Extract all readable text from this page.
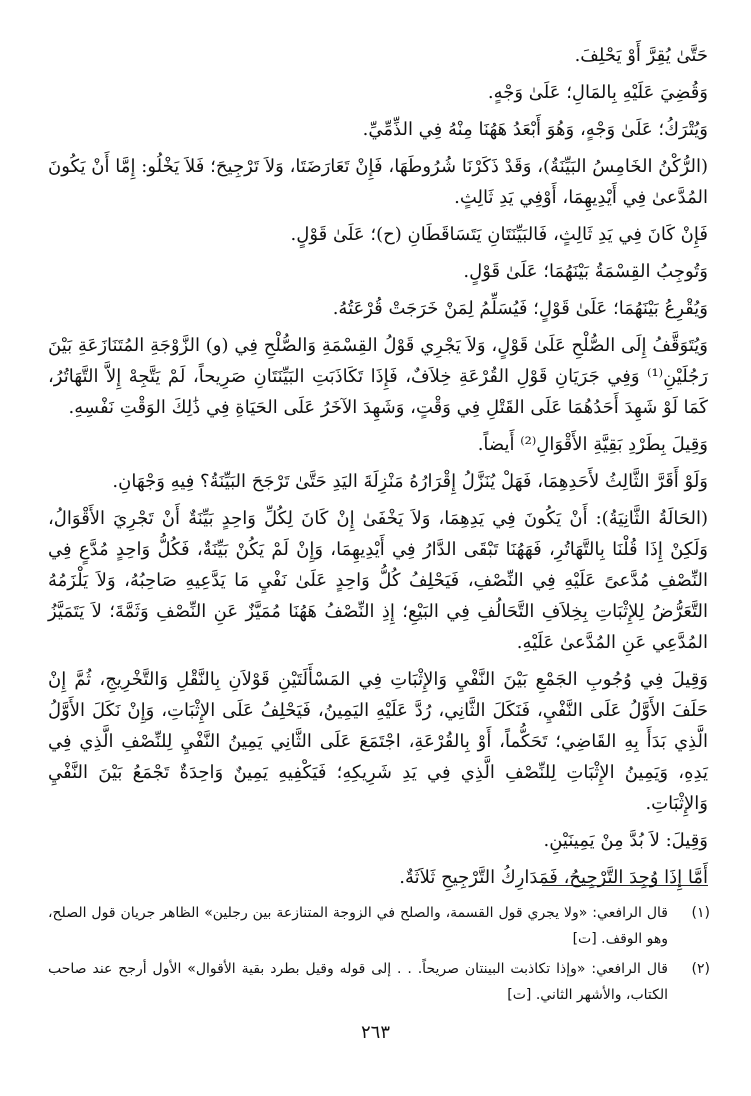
حَتَّىٰ يُقِرَّ أَوْ يَحْلِفَ.

وَقُضِيَ عَلَيْهِ بِالمَالِ؛ عَلَىٰ وَجْهٍ.

وَيُتْرَكُ؛ عَلَىٰ وَجْهٍ، وَهُوَ أَبْعَدُ هَهُنَا مِنْهُ فِي الذِّمِّيِّ.

(الرُّكْنُ الخَامِسُ البَيِّنَةُ)، وَقَدْ ذَكَرْنَا شُرُوطَهَا، فَإِنْ تَعَارَضَتَا، وَلاَ تَرْجِيحَ؛ فَلاَ يَخْلُو: إِمَّا أَنْ يَكُونَ المُدَّعىٰ فِي أَيْدِيهِمَا، أَوْفِي يَدِ ثَالِثٍ.

فَإِنْ كَانَ فِي يَدِ ثَالِثٍ، فَالبَيِّنَتَانِ يَتَسَاقَطَانِ (ح)؛ عَلَىٰ قَوْلٍ.

وَتُوجِبُ القِسْمَةُ بَيْنَهُمَا؛ عَلَىٰ قَوْلٍ.

وَيُقْرِعُ بَيْنَهُمَا؛ عَلَىٰ قَوْلٍ؛ فَيُسَلِّمُ لِمَنْ خَرَجَتْ قُرْعَتُهُ.

وَيُتَوَقَّفُ إِلَى الصُّلْحِ عَلَىٰ قَوْلٍ، وَلاَ يَجْرِي قَوْلُ القِسْمَةِ وَالصُّلْحِ فِي (و) الزَّوْجَةِ المُتَنَازَعَةِ بَيْنَ رَجُلَيْنِ⁽¹⁾ وَفِي جَرَيَانِ قَوْلِ القُرْعَةِ خِلاَفٌ، فَإِذَا تَكَاذَبَتِ البَيِّنَتَانِ صَرِيحاً، لَمْ يَتَّجِهْ إِلاَّ التَّهَاتُرُ، كَمَا لَوْ شَهِدَ أَحَدُهُمَا عَلَى القَتْلِ فِي وَقْتٍ، وَشَهِدَ الآخَرُ عَلَى الحَيَاةِ فِي ذَٰلِكَ الوَقْتِ نَفْسِهِ.

وَقِيلَ بِطَرْدِ بَقِيَّةِ الأَقْوَالِ⁽²⁾ أَيضاً.

وَلَوْ أَقَرَّ الثَّالِثُ لأَحَدِهِمَا، فَهَلْ يُنَزَّلُ إِقْرَارُهُ مَنْزِلَةَ اليَدِ حَتَّىٰ تَرْجَحَ البَيِّنَةُ؟ فِيهِ وَجْهَانِ.

(الحَالَةُ الثَّانِيَةُ): أَنْ يَكُونَ فِي يَدِهِمَا، وَلاَ يَخْفَىٰ إِنْ كَانَ لِكُلِّ وَاحِدٍ بَيِّنَةٌ أَنْ تَجْرِيَ الأَقْوَالُ، وَلَكِنْ إِذَا قُلْنَا بِالتَّهَاتُرِ، فَهَهُنَا تَبْقَى الدَّارُ فِي أَيْدِيهِمَا، وَإِنْ لَمْ يَكُنْ بَيِّنَةٌ، فَكُلُّ وَاحِدٍ مُدَّعٍ فِي النِّصْفِ مُدَّعىً عَلَيْهِ فِي النِّصْفِ، فَيَحْلِفُ كُلُّ وَاحِدٍ عَلَىٰ نَفْيِ مَا يَدَّعِيهِ صَاحِبُهُ، وَلاَ يَلْزَمُهُ التَّعَرُّضُ لِلإِثْبَاتِ بِخِلاَفِ التَّحَالُفِ فِي البَيْعِ؛ إِذِ النِّصْفُ هَهُنَا مُمَيَّزٌ عَنِ النِّصْفِ وَثَمَّةَ؛ لاَ يَتَمَيَّزُ المُدَّعِي عَنِ المُدَّعىٰ عَلَيْهِ.

وَقِيلَ فِي وُجُوبِ الجَمْعِ بَيْنَ النَّفْيِ وَالإِثْبَاتِ فِي المَسْأَلَتَيْنِ قَوْلاَنِ بِالنَّقْلِ وَالتَّخْرِيجِ، ثُمَّ إِنْ حَلَفَ الأَوَّلُ عَلَى النَّفْيِ، فَنَكَلَ الثَّانِي، رُدَّ عَلَيْهِ اليَمِينُ، فَيَحْلِفُ عَلَى الإِثْبَاتِ، وَإِنْ نَكَلَ الأَوَّلُ الَّذِي بَدَأَ بِهِ القَاضِي؛ تَحَكُّماً، أَوْ بِالقُرْعَةِ، اجْتَمَعَ عَلَى الثَّانِي يَمِينُ النَّفْيِ لِلنِّصْفِ الَّذِي فِي يَدِهِ، وَيَمِينُ الإِثْبَاتِ لِلنِّصْفِ الَّذِي فِي يَدِ شَرِيكِهِ؛ فَيَكْفِيهِ يَمِينٌ وَاحِدَةٌ تَجْمَعُ بَيْنَ النَّفْيِ وَالإِثْبَاتِ.

وَقِيلَ: لاَ بُدَّ مِنْ يَمِينَيْنِ.

أَمَّا إِذَا وُجِدَ التَّرْجِيحُ، فَمَدَارِكُ التَّرْجِيحِ ثَلاَثَةٌ.

(١)
قال الرافعي: «ولا يجري قول القسمة، والصلح في الزوجة المتنازعة بين رجلين» الظاهر جريان قول الصلح، وهو الوقف. [ت]
(٢)
قال الرافعي: «وإذا تكاذبت البينتان صريحاً. . . إلى قوله وقيل بطرد بقية الأقوال» الأول أرجح عند صاحب الكتاب، والأشهر الثاني. [ت]
٢٦٣
